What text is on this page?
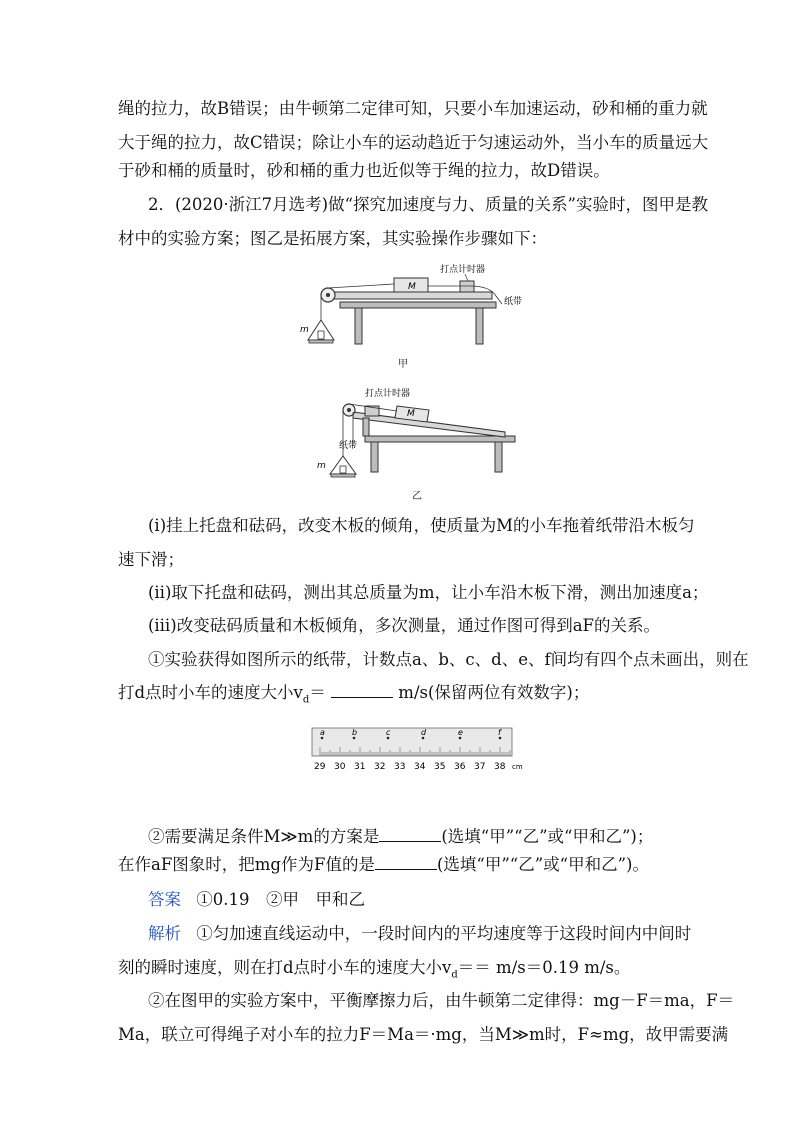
绳的拉力，故B错误；由牛顿第二定律可知，只要小车加速运动，砂和桶的重力就
大于绳的拉力，故C错误；除让小车的运动趋近于匀速运动外，当小车的质量远大
于砂和桶的质量时，砂和桶的重力也近似等于绳的拉力，故D错误。
2．(2020·浙江7月选考)做“探究加速度与力、质量的关系”实验时，图甲是教
材中的实验方案；图乙是拓展方案，其实验操作步骤如下：
M
打点计时器
纸带
m
甲
打点计时器
M
纸带
m
乙
(ⅰ)挂上托盘和砝码，改变木板的倾角，使质量为M的小车拖着纸带沿木板匀
速下滑；
(ⅱ)取下托盘和砝码，测出其总质量为m，让小车沿木板下滑，测出加速度a；
(ⅲ)改变砝码质量和木板倾角，多次测量，通过作图可得到aF的关系。
①实验获得如图所示的纸带，计数点a、b、c、d、e、f间均有四个点未画出，则在
打d点时小车的速度大小$v_d=$	m/s(保留两位有效数字)；
a	b	c	d	e	f
29 30 31 32 33 34 35 36 37 38 cm
②需要满足条件M≫m的方案是	(选填“甲”“乙”或“甲和乙”)；
在作aF图象时，把mg作为F值的是	(选填“甲”“乙”或“甲和乙”)。
答案 ①0.19　②甲　甲和乙
解析 ①匀加速直线运动中，一段时间内的平均速度等于这段时间内中间时
刻的瞬时速度，则在打d点时小车的速度大小$v_d== m/s=0.19$ m/s。
②在图甲的实验方案中，平衡摩擦力后，由牛顿第二定律得：mg－F＝ma，F＝
Ma，联立可得绳子对小车的拉力F＝Ma＝·mg，当M≫m时，F≈mg，故甲需要满
